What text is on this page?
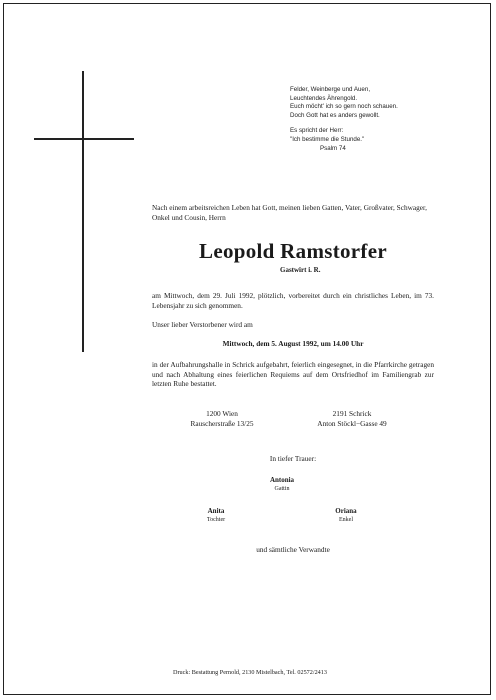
Felder, Weinberge und Auen,
Leuchtendes Ährengold.
Euch möcht' ich so gern noch schauen.
Doch Gott hat es anders gewollt.
Es spricht der Herr:
"Ich bestimme die Stunde."
Psalm 74
Nach einem arbeitsreichen Leben hat Gott, meinen lieben Gatten, Vater, Großvater, Schwager, Onkel und Cousin, Herrn
Leopold Ramstorfer
Gastwirt i. R.
am Mittwoch, dem 29. Juli 1992, plötzlich, vorbereitet durch ein christliches Leben, im 73. Lebensjahr zu sich genommen.
Unser lieber Verstorbener wird am
Mittwoch, dem 5. August 1992, um 14.00 Uhr
in der Aufbahrungshalle in Schrick aufgebahrt, feierlich eingesegnet, in die Pfarrkirche getragen und nach Abhaltung eines feierlichen Requiems auf dem Ortsfriedhof im Familiengrab zur letzten Ruhe bestattet.
1200 Wien
Rauscherstraße 13/25
2191 Schrick
Anton Stöckl−Gasse 49
In tiefer Trauer:
Antonia
Gattin
Anita
Tochter
Oriana
Enkel
und sämtliche Verwandte
Druck: Bestattung Pernold, 2130 Mistelbach, Tel. 02572/2413
